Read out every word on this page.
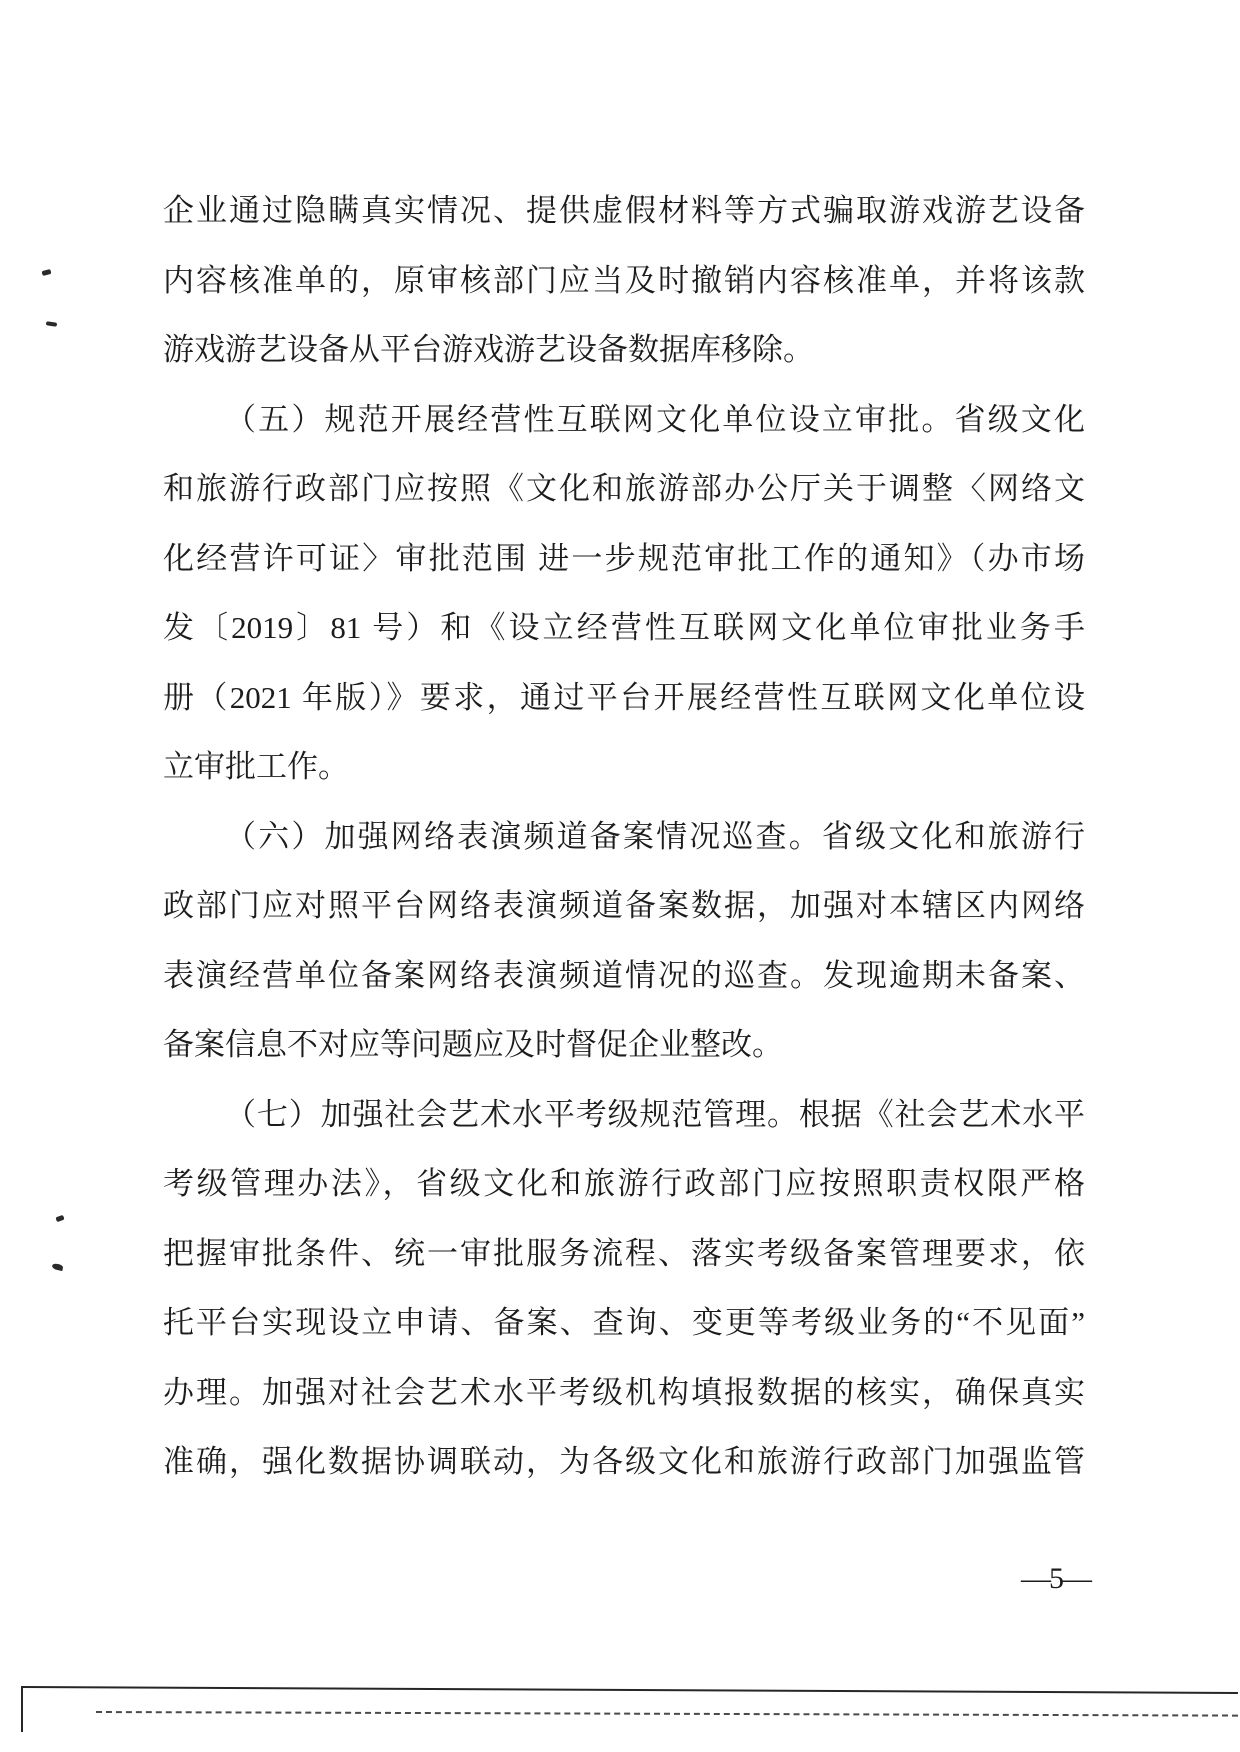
企业通过隐瞒真实情况、提供虚假材料等方式骗取游戏游艺设备
内容核准单的，原审核部门应当及时撤销内容核准单，并将该款
游戏游艺设备从平台游戏游艺设备数据库移除。
（五）规范开展经营性互联网文化单位设立审批。省级文化
和旅游行政部门应按照《文化和旅游部办公厅关于调整〈网络文
化经营许可证〉审批范围 进一步规范审批工作的通知》（办市场
发〔2019〕81 号）和《设立经营性互联网文化单位审批业务手
册（2021 年版）》要求，通过平台开展经营性互联网文化单位设
立审批工作。
（六）加强网络表演频道备案情况巡查。省级文化和旅游行
政部门应对照平台网络表演频道备案数据，加强对本辖区内网络
表演经营单位备案网络表演频道情况的巡查。发现逾期未备案、
备案信息不对应等问题应及时督促企业整改。
（七）加强社会艺术水平考级规范管理。根据《社会艺术水平
考级管理办法》，省级文化和旅游行政部门应按照职责权限严格
把握审批条件、统一审批服务流程、落实考级备案管理要求，依
托平台实现设立申请、备案、查询、变更等考级业务的“不见面”
办理。加强对社会艺术水平考级机构填报数据的核实，确保真实
准确，强化数据协调联动，为各级文化和旅游行政部门加强监管
—5—
